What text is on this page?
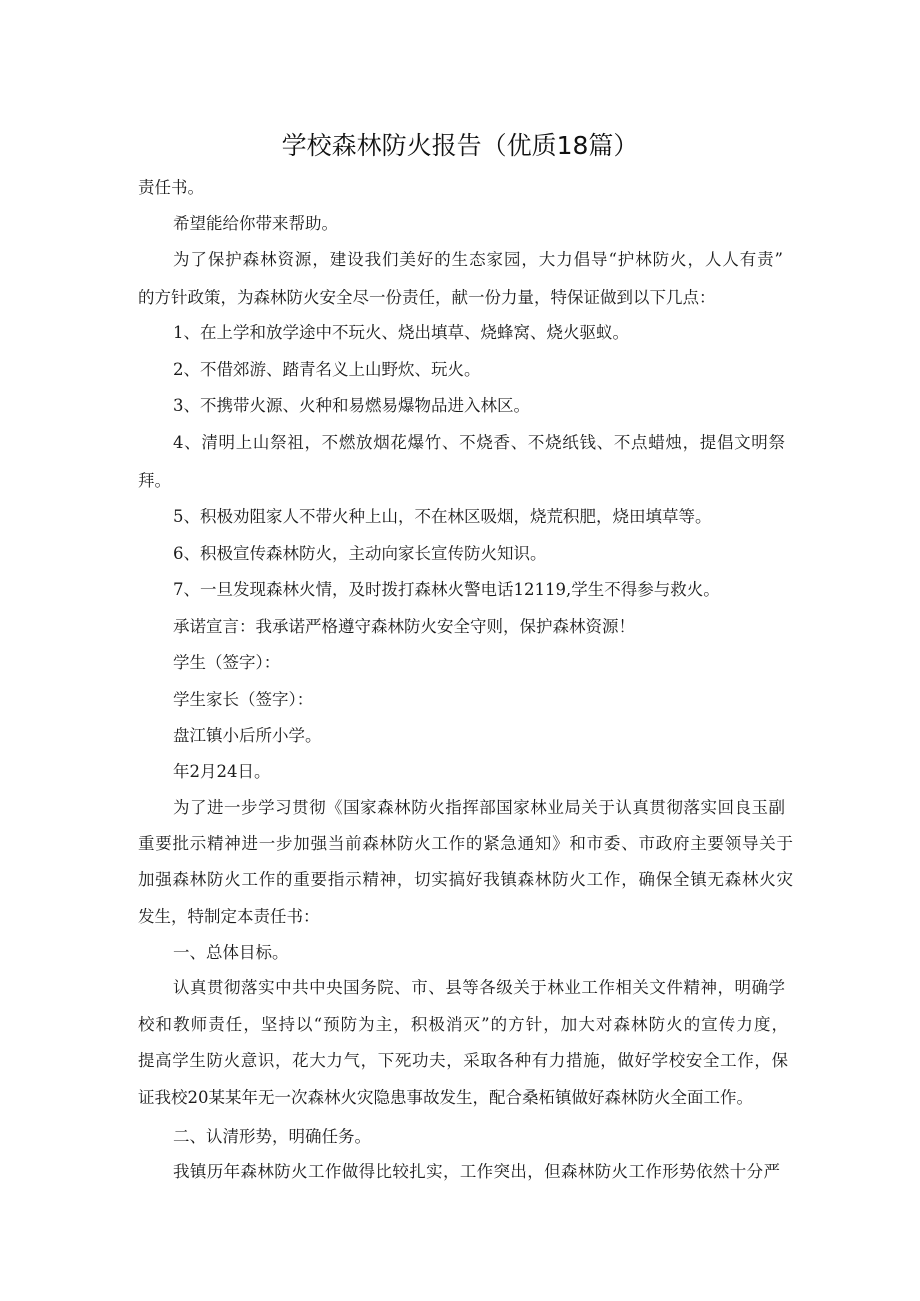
学校森林防火报告（优质18篇）

责任书。

希望能给你带来帮助。

为了保护森林资源，建设我们美好的生态家园，大力倡导“护林防火，人人有责”

的方针政策，为森林防火安全尽一份责任，献一份力量，特保证做到以下几点：

1、在上学和放学途中不玩火、烧出填草、烧蜂窝、烧火驱蚁。

2、不借郊游、踏青名义上山野炊、玩火。

3、不携带火源、火种和易燃易爆物品进入林区。

4、清明上山祭祖，不燃放烟花爆竹、不烧香、不烧纸钱、不点蜡烛，提倡文明祭

拜。

5、积极劝阻家人不带火种上山，不在林区吸烟，烧荒积肥，烧田填草等。

6、积极宣传森林防火，主动向家长宣传防火知识。

7、一旦发现森林火情，及时拨打森林火警电话12119,学生不得参与救火。

承诺宣言：我承诺严格遵守森林防火安全守则，保护森林资源！

学生（签字）：

学生家长（签字）：

盘江镇小后所小学。

年2月24日。

为了进一步学习贯彻《国家森林防火指挥部国家林业局关于认真贯彻落实回良玉副

重要批示精神进一步加强当前森林防火工作的紧急通知》和市委、市政府主要领导关于

加强森林防火工作的重要指示精神，切实搞好我镇森林防火工作，确保全镇无森林火灾

发生，特制定本责任书：

一、总体目标。

认真贯彻落实中共中央国务院、市、县等各级关于林业工作相关文件精神，明确学

校和教师责任，坚持以“预防为主，积极消灭”的方针，加大对森林防火的宣传力度，

提高学生防火意识，花大力气，下死功夫，采取各种有力措施，做好学校安全工作，保

证我校20某某年无一次森林火灾隐患事故发生，配合桑柘镇做好森林防火全面工作。

二、认清形势，明确任务。

我镇历年森林防火工作做得比较扎实，工作突出，但森林防火工作形势依然十分严
